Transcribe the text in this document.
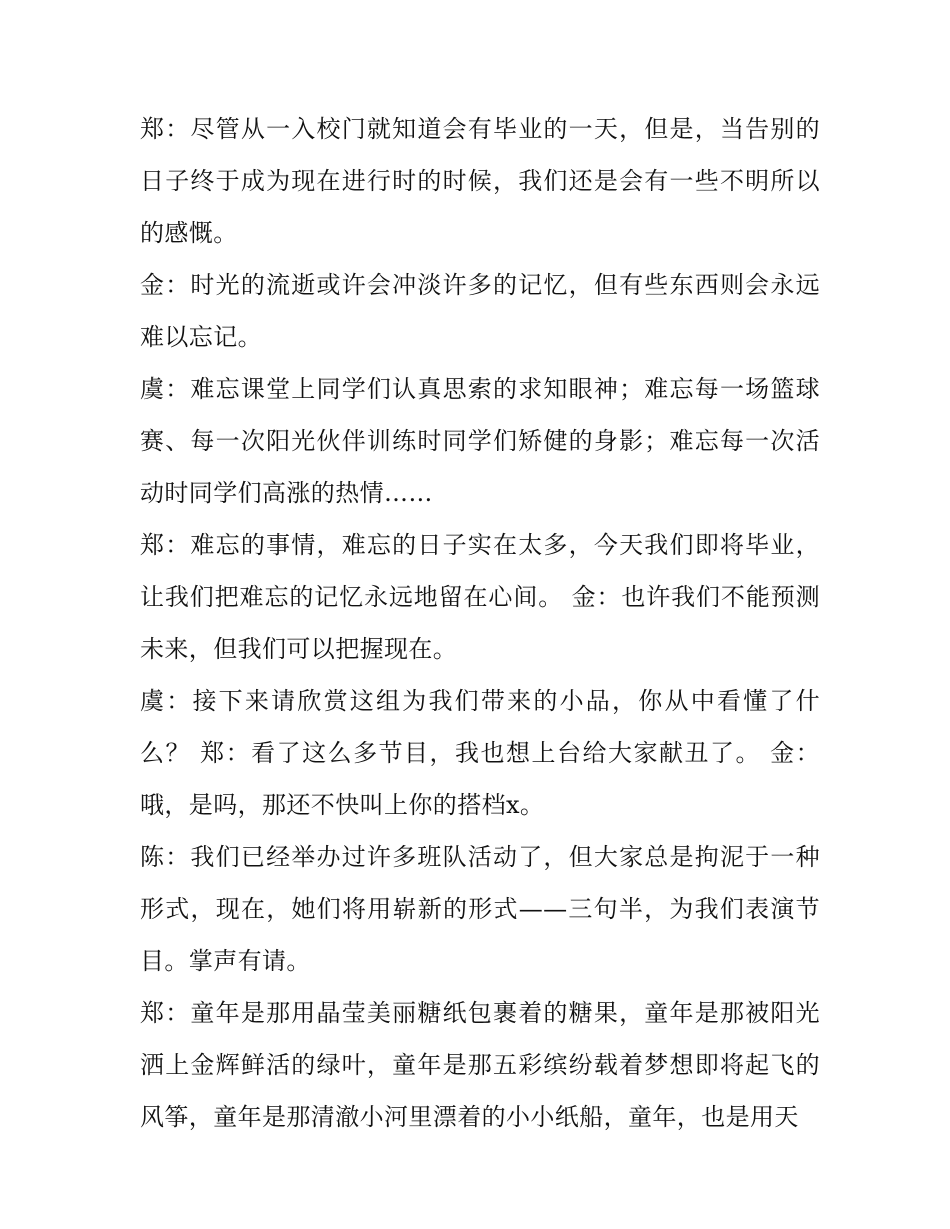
郑：尽管从一入校门就知道会有毕业的一天，但是，当告别的日子终于成为现在进行时的时候，我们还是会有一些不明所以的感慨。

金：时光的流逝或许会冲淡许多的记忆，但有些东西则会永远难以忘记。

虞：难忘课堂上同学们认真思索的求知眼神；难忘每一场篮球赛、每一次阳光伙伴训练时同学们矫健的身影；难忘每一次活动时同学们高涨的热情……

郑：难忘的事情，难忘的日子实在太多，今天我们即将毕业，让我们把难忘的记忆永远地留在心间。 金：也许我们不能预测未来，但我们可以把握现在。

虞：接下来请欣赏这组为我们带来的小品，你从中看懂了什么？ 郑：看了这么多节目，我也想上台给大家献丑了。 金：哦，是吗，那还不快叫上你的搭档x。

陈：我们已经举办过许多班队活动了，但大家总是拘泥于一种形式，现在，她们将用崭新的形式——三句半，为我们表演节目。掌声有请。

郑：童年是那用晶莹美丽糖纸包裹着的糖果，童年是那被阳光洒上金辉鲜活的绿叶，童年是那五彩缤纷载着梦想即将起飞的风筝，童年是那清澈小河里漂着的小小纸船，童年，也是用天
